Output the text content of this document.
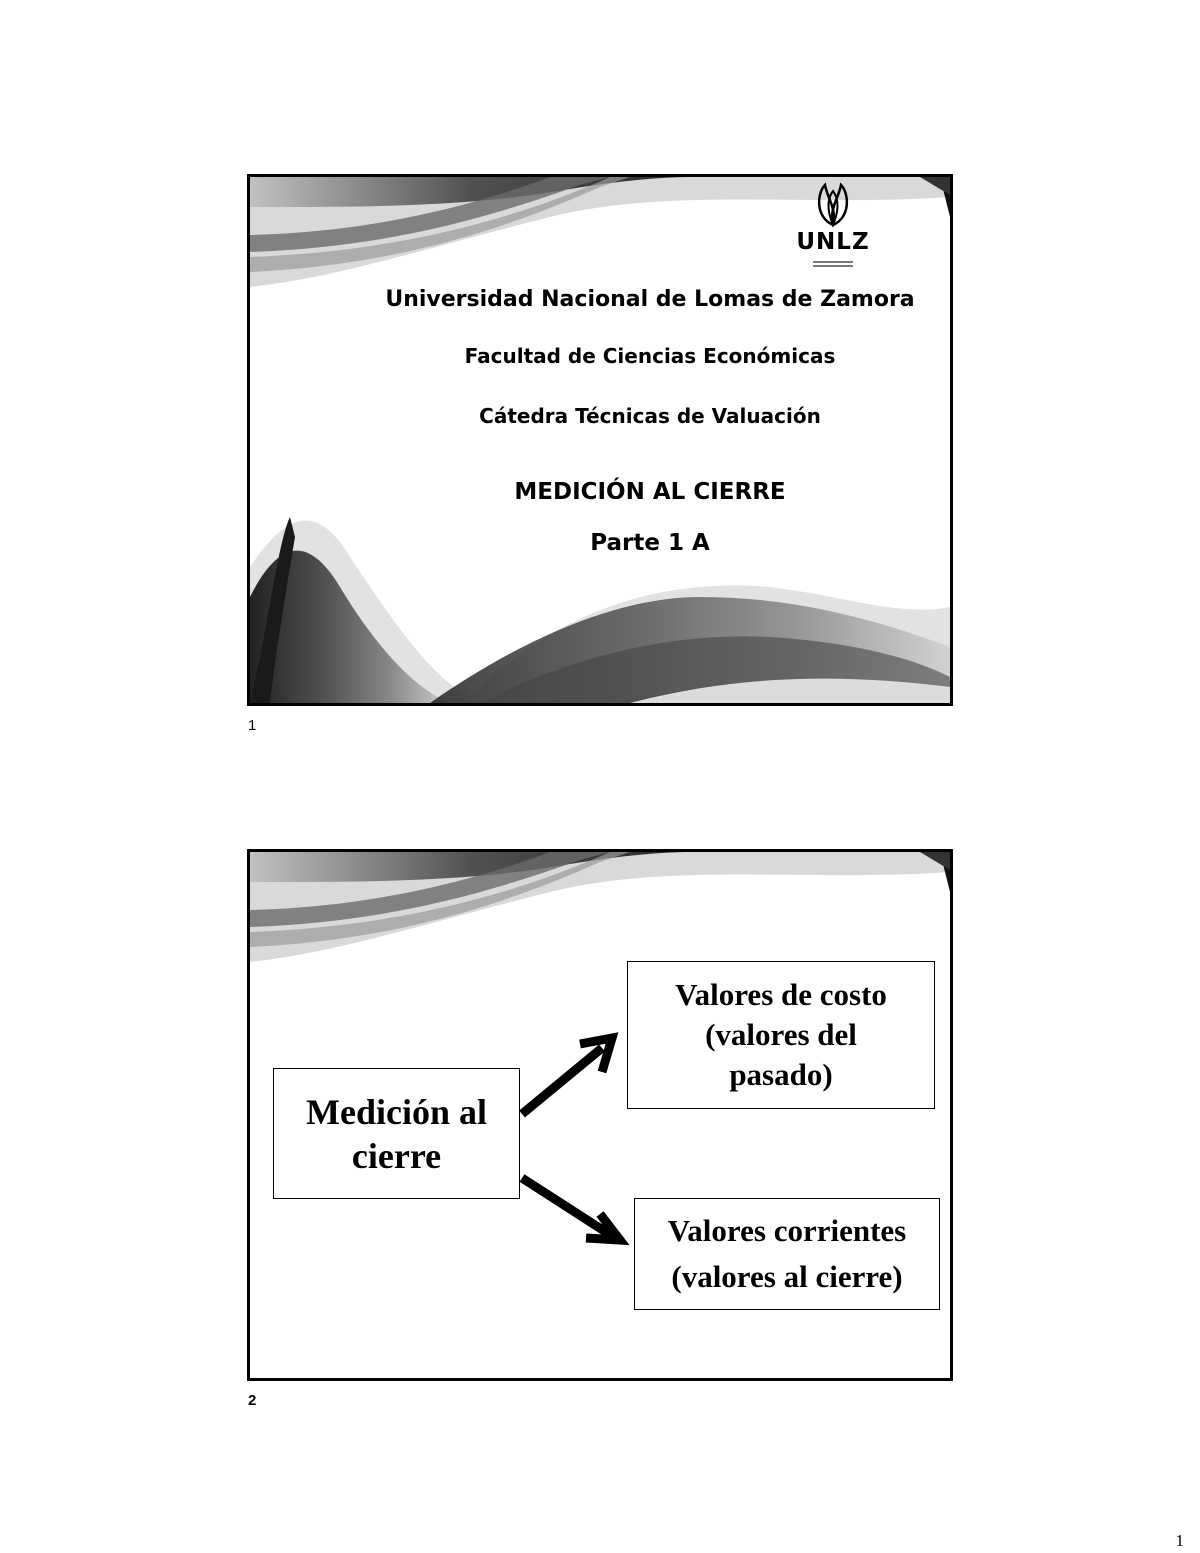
UNLZ
Universidad Nacional de Lomas de Zamora
Facultad de Ciencias Económicas
Cátedra Técnicas de Valuación
MEDICIÓN AL CIERRE
Parte 1 A
1
Medición al
cierre
Valores de costo
(valores del
pasado)
Valores corrientes
(valores al cierre)
2
1
